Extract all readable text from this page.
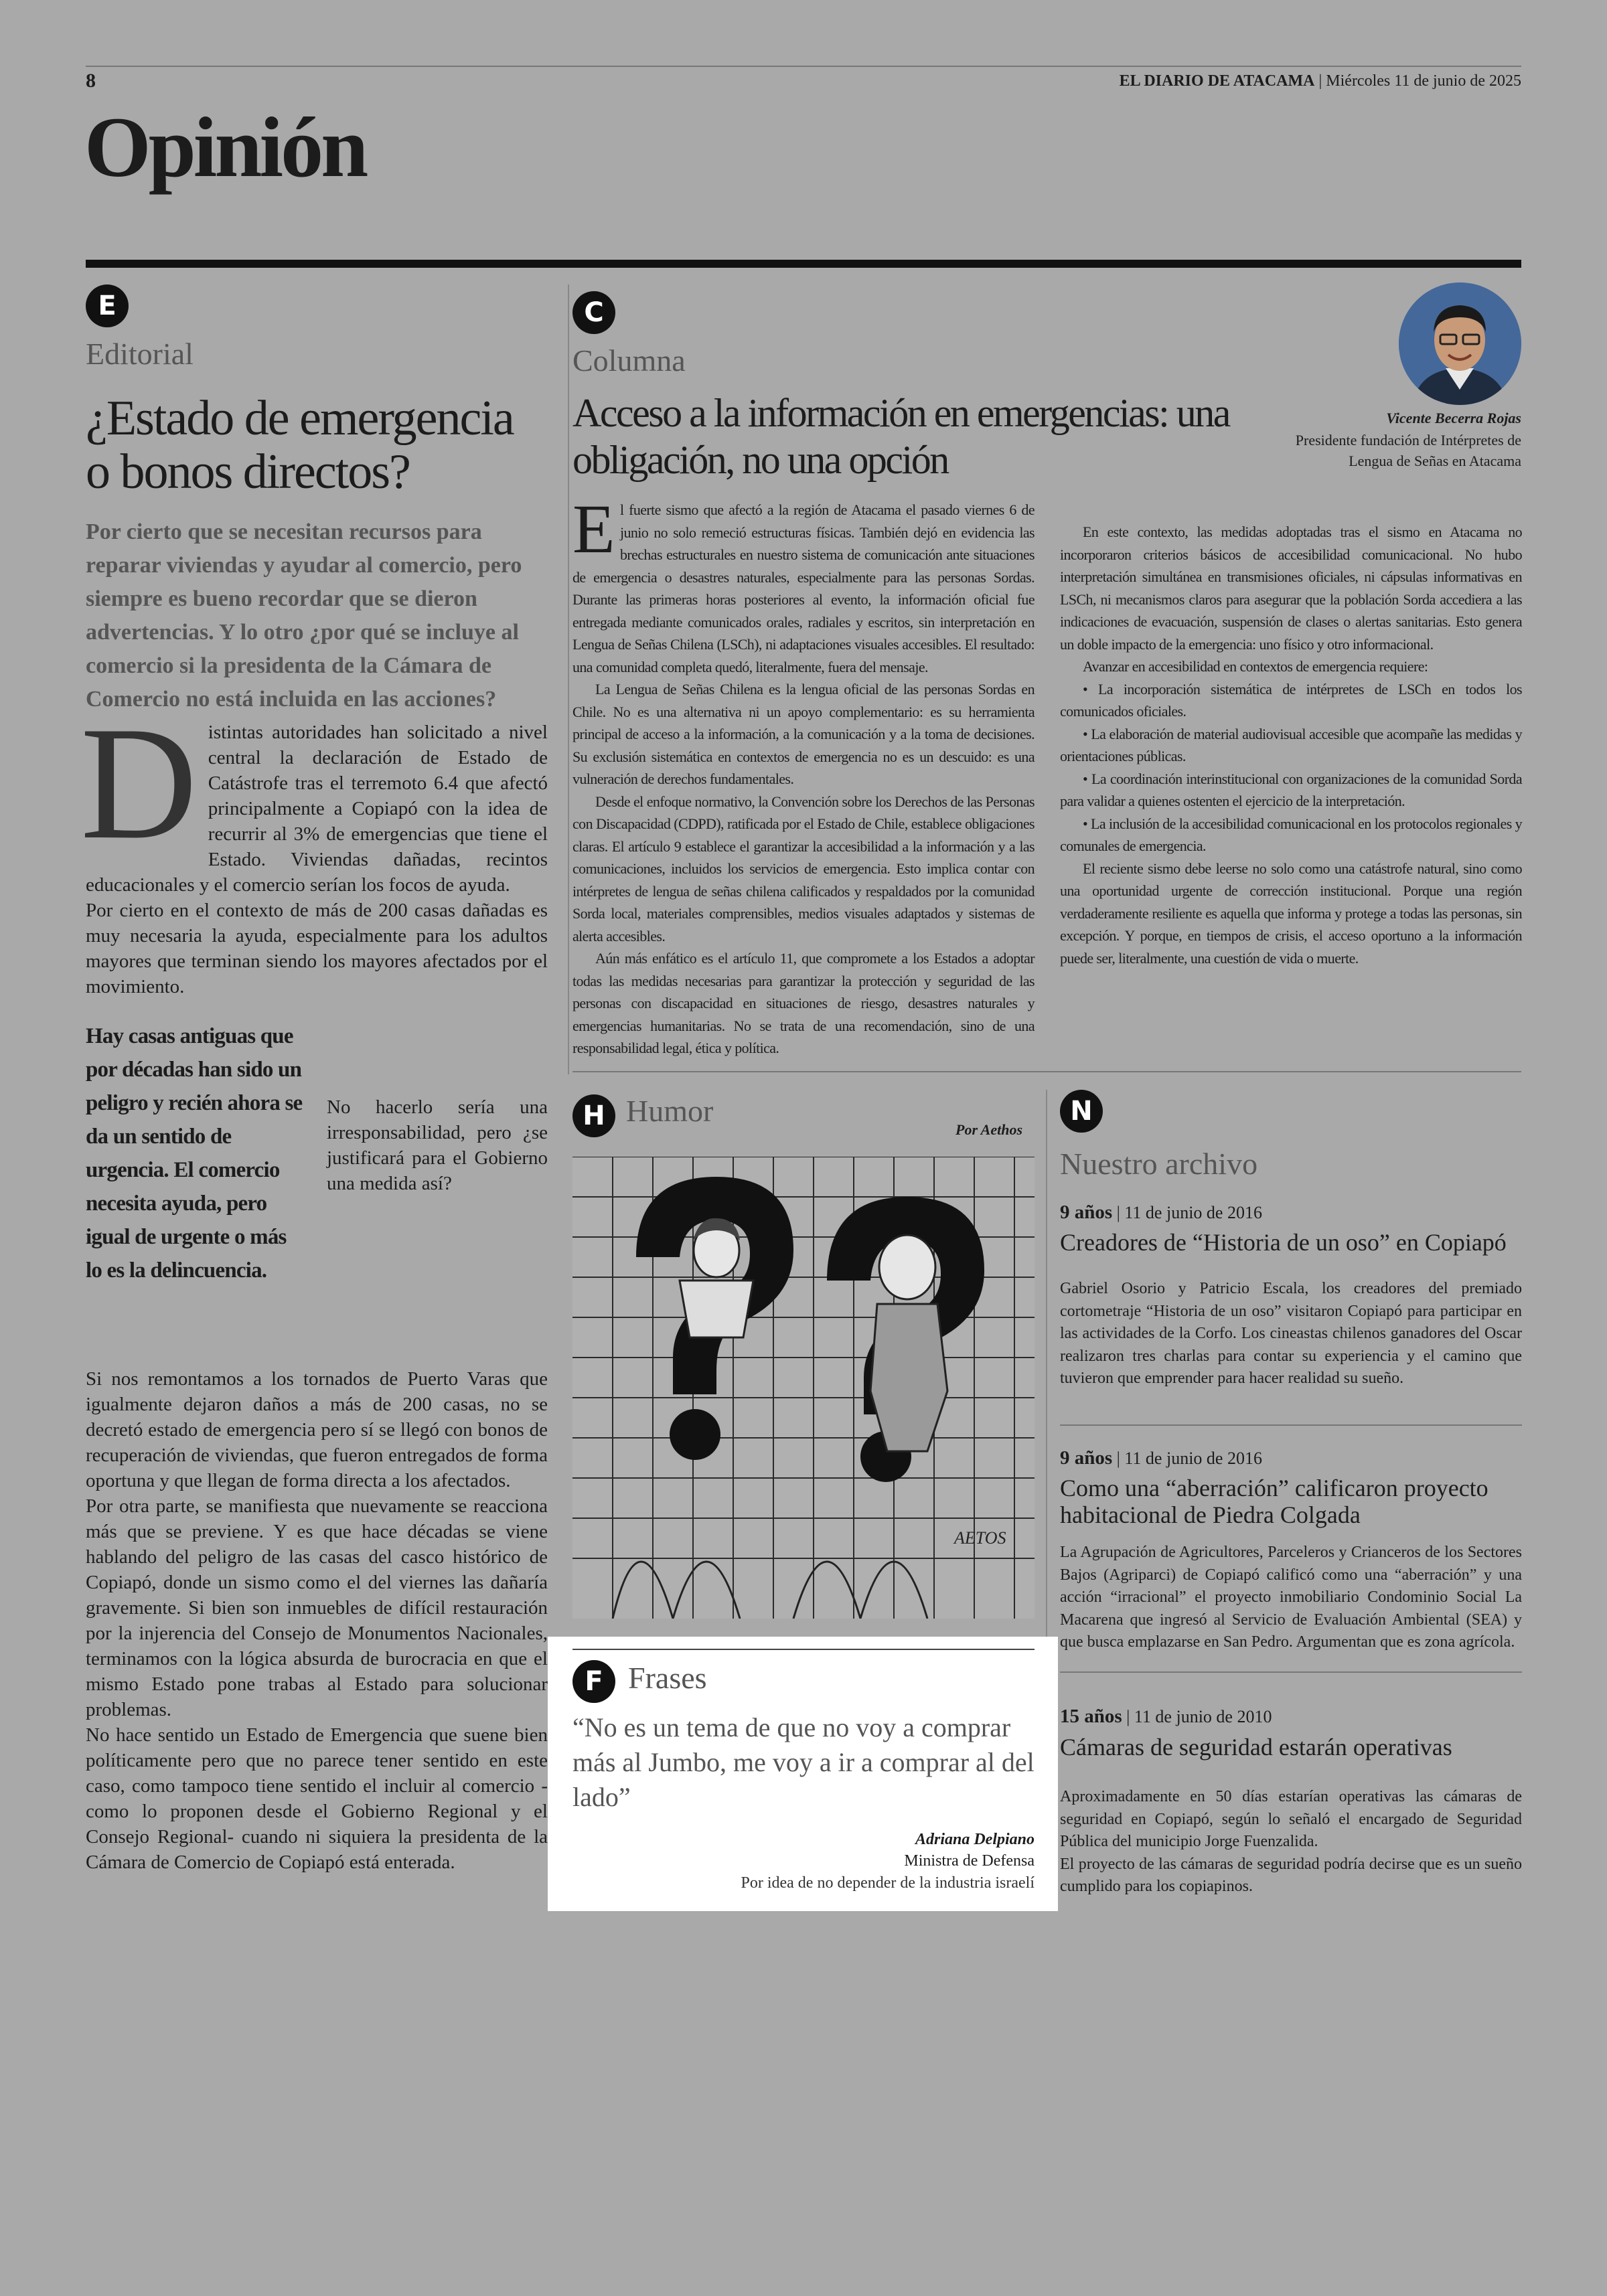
8	EL DIARIO DE ATACAMA | Miércoles 11 de junio de 2025
Opinión
E
Editorial
¿Estado de emergencia o bonos directos?
Por cierto que se necesitan recursos para reparar viviendas y ayudar al comercio, pero siempre es bueno recordar que se dieron advertencias. Y lo otro ¿por qué se incluye al comercio si la presidenta de la Cámara de Comercio no está incluida en las acciones?
D istintas autoridades han solicitado a nivel central la declaración de Estado de Catástrofe tras el terremoto 6.4 que afectó principalmente a Copiapó con la idea de recurrir al 3% de emergencias que tiene el Estado. Viviendas dañadas, recintos educacionales y el comercio serían los focos de ayuda.

Por cierto en el contexto de más de 200 casas dañadas es muy necesaria la ayuda, especialmente para los adultos mayores que terminan siendo los mayores afectados por el movimiento.

Hay casas antiguas que por décadas han sido un peligro y recién ahora se da un sentido de urgencia. El comercio necesita ayuda, pero igual de urgente o más lo es la delincuencia.

No hacerlo sería una irresponsabilidad, pero ¿se justificará para el Gobierno una medida así?

Si nos remontamos a los tornados de Puerto Varas que igualmente dejaron daños a más de 200 casas, no se decretó estado de emergencia pero sí se llegó con bonos de recuperación de viviendas, que fueron entregados de forma oportuna y que llegan de forma directa a los afectados.

Por otra parte, se manifiesta que nuevamente se reacciona más que se previene. Y es que hace décadas se viene hablando del peligro de las casas del casco histórico de Copiapó, donde un sismo como el del viernes las dañaría gravemente. Si bien son inmuebles de difícil restauración por la injerencia del Consejo de Monumentos Nacionales, terminamos con la lógica absurda de burocracia en que el mismo Estado pone trabas al Estado para solucionar problemas.

No hace sentido un Estado de Emergencia que suene bien políticamente pero que no parece tener sentido en este caso, como tampoco tiene sentido el incluir al comercio -como lo proponen desde el Gobierno Regional y el Consejo Regional- cuando ni siquiera la presidenta de la Cámara de Comercio de Copiapó está enterada.

C
Columna
Acceso a la información en emergencias: una obligación, no una opción
Vicente Becerra Rojas
Presidente fundación de Intérpretes de Lengua de Señas en Atacama

El fuerte sismo que afectó a la región de Atacama el pasado viernes 6 de junio no solo remeció estructuras físicas. También dejó en evidencia las brechas estructurales en nuestro sistema de comunicación ante situaciones de emergencia o desastres naturales, especialmente para las personas Sordas. Durante las primeras horas posteriores al evento, la información oficial fue entregada mediante comunicados orales, radiales y escritos, sin interpretación en Lengua de Señas Chilena (LSCh), ni adaptaciones visuales accesibles. El resultado: una comunidad completa quedó, literalmente, fuera del mensaje.

La Lengua de Señas Chilena es la lengua oficial de las personas Sordas en Chile. No es una alternativa ni un apoyo complementario: es su herramienta principal de acceso a la información, a la comunicación y a la toma de decisiones. Su exclusión sistemática en contextos de emergencia no es un descuido: es una vulneración de derechos fundamentales.

Desde el enfoque normativo, la Convención sobre los Derechos de las Personas con Discapacidad (CDPD), ratificada por el Estado de Chile, establece obligaciones claras. El artículo 9 establece el garantizar la accesibilidad a la información y a las comunicaciones, incluidos los servicios de emergencia. Esto implica contar con intérpretes de lengua de señas chilena calificados y respaldados por la comunidad Sorda local, materiales comprensibles, medios visuales adaptados y sistemas de alerta accesibles.

Aún más enfático es el artículo 11, que compromete a los Estados a adoptar todas las medidas necesarias para garantizar la protección y seguridad de las personas con discapacidad en situaciones de riesgo, desastres naturales y emergencias humanitarias. No se trata de una recomendación, sino de una responsabilidad legal, ética y política.

En este contexto, las medidas adoptadas tras el sismo en Atacama no incorporaron criterios básicos de accesibilidad comunicacional. No hubo interpretación simultánea en transmisiones oficiales, ni cápsulas informativas en LSCh, ni mecanismos claros para asegurar que la población Sorda accediera a las indicaciones de evacuación, suspensión de clases o alertas sanitarias. Esto genera un doble impacto de la emergencia: uno físico y otro informacional.

Avanzar en accesibilidad en contextos de emergencia requiere:

• La incorporación sistemática de intérpretes de LSCh en todos los comunicados oficiales.

• La elaboración de material audiovisual accesible que acompañe las medidas y orientaciones públicas.

• La coordinación interinstitucional con organizaciones de la comunidad Sorda para validar a quienes ostenten el ejercicio de la interpretación.

• La inclusión de la accesibilidad comunicacional en los protocolos regionales y comunales de emergencia.

El reciente sismo debe leerse no solo como una catástrofe natural, sino como una oportunidad urgente de corrección institucional. Porque una región verdaderamente resiliente es aquella que informa y protege a todas las personas, sin excepción. Y porque, en tiempos de crisis, el acceso oportuno a la información puede ser, literalmente, una cuestión de vida o muerte.

H Humor
Por Aethos
AETOS
F Frases
“No es un tema de que no voy a comprar más al Jumbo, me voy a ir a comprar al del lado”
Adriana Delpiano
Ministra de Defensa
Por idea de no depender de la industria israelí
N
Nuestro archivo
9 años | 11 de junio de 2016
Creadores de “Historia de un oso” en Copiapó
Gabriel Osorio y Patricio Escala, los creadores del premiado cortometraje “Historia de un oso” visitaron Copiapó para participar en las actividades de la Corfo. Los cineastas chilenos ganadores del Oscar realizaron tres charlas para contar su experiencia y el camino que tuvieron que emprender para hacer realidad su sueño.
9 años | 11 de junio de 2016
Como una “aberración” calificaron proyecto habitacional de Piedra Colgada
La Agrupación de Agricultores, Parceleros y Crianceros de los Sectores Bajos (Agriparci) de Copiapó calificó como una “aberración” y una acción “irracional” el proyecto inmobiliario Condominio Social La Macarena que ingresó al Servicio de Evaluación Ambiental (SEA) y que busca emplazarse en San Pedro. Argumentan que es zona agrícola.
15 años | 11 de junio de 2010
Cámaras de seguridad estarán operativas
Aproximadamente en 50 días estarían operativas las cámaras de seguridad en Copiapó, según lo señaló el encargado de Seguridad Pública del municipio Jorge Fuenzalida.
El proyecto de las cámaras de seguridad podría decirse que es un sueño cumplido para los copiapinos.
